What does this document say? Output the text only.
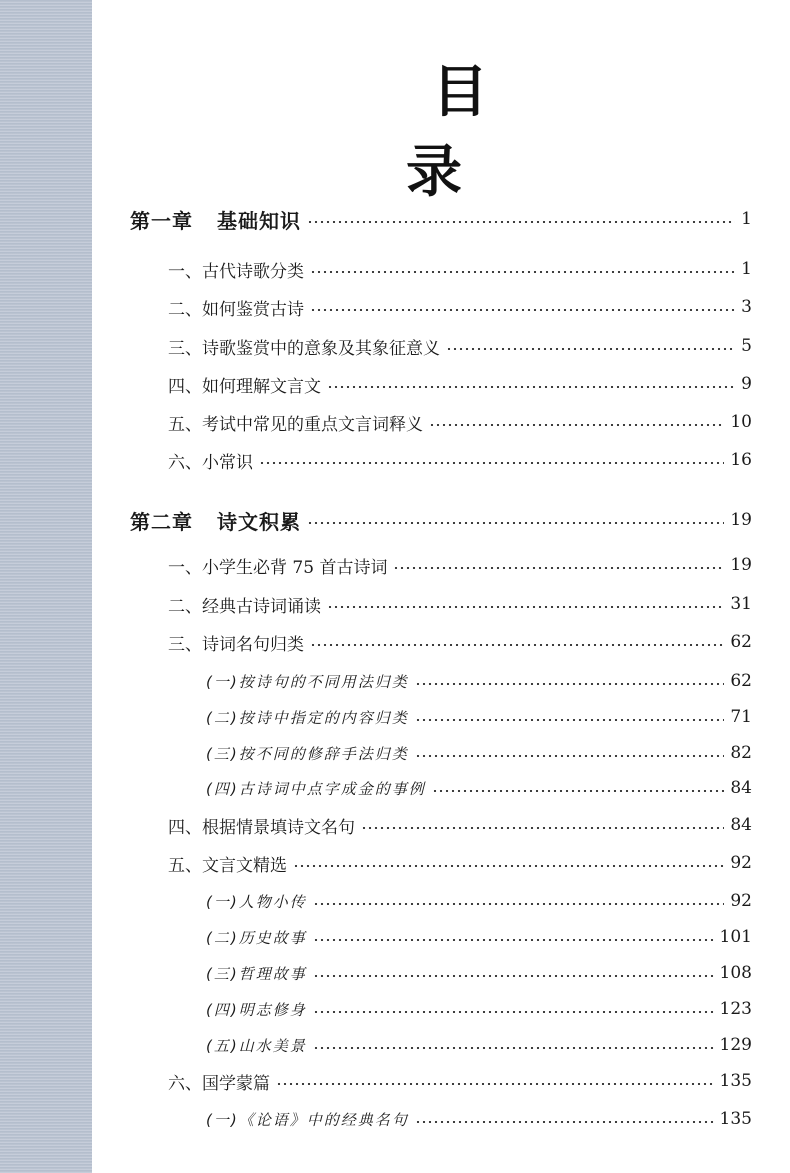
目 录
第一章 基础知识	1
一、古代诗歌分类	1
二、如何鉴赏古诗	3
三、诗歌鉴赏中的意象及其象征意义	5
四、如何理解文言文	9
五、考试中常见的重点文言词释义	10
六、小常识	16
第二章 诗文积累	19
一、小学生必背 75 首古诗词	19
二、经典古诗词诵读	31
三、诗词名句归类	62
(一)按诗句的不同用法归类	62
(二)按诗中指定的内容归类	71
(三)按不同的修辞手法归类	82
(四)古诗词中点字成金的事例	84
四、根据情景填诗文名句	84
五、文言文精选	92
(一)人物小传	92
(二)历史故事	101
(三)哲理故事	108
(四)明志修身	123
(五)山水美景	129
六、国学蒙篇	135
(一)《论语》中的经典名句	135
